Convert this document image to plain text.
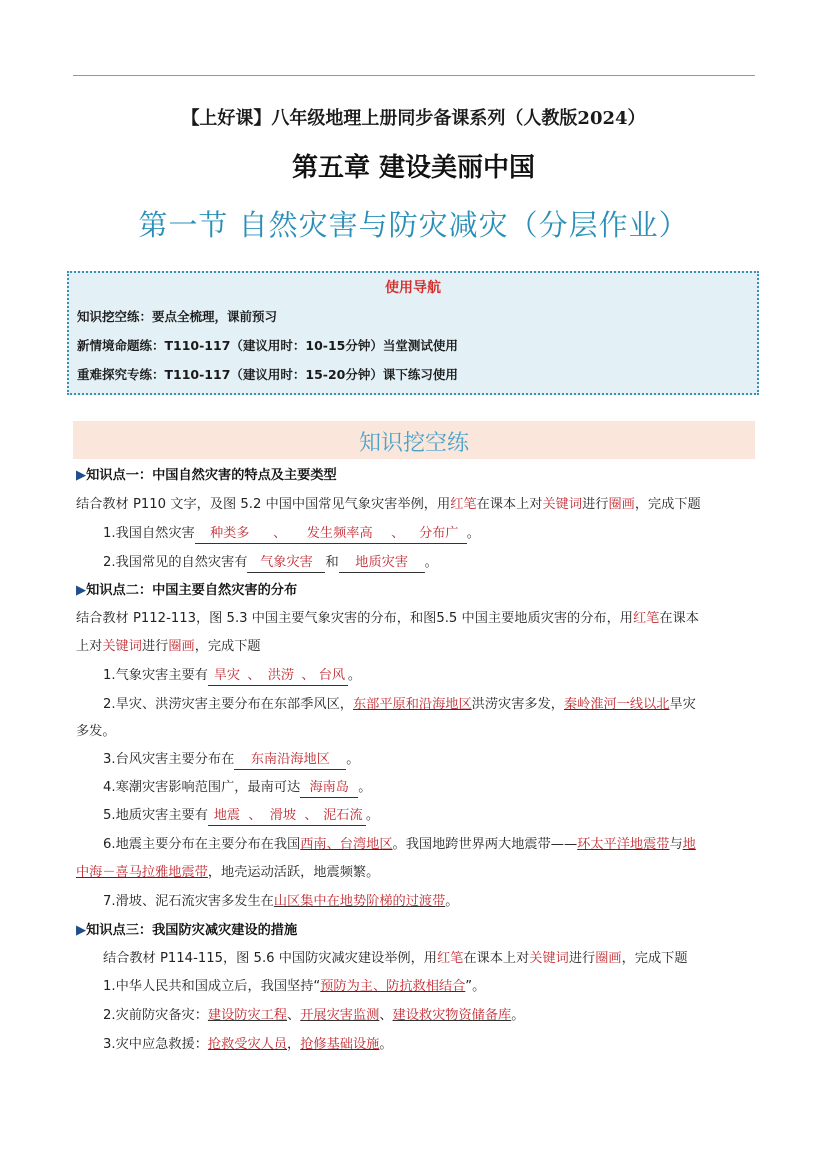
【上好课】八年级地理上册同步备课系列（人教版2024）
第五章 建设美丽中国
第一节 自然灾害与防灾减灾（分层作业）
使用导航
知识挖空练：要点全梳理，课前预习
新情境命题练：T110-117（建议用时：10-15分钟）当堂测试使用
重难探究专练：T110-117（建议用时：15-20分钟）课下练习使用
知识挖空练
▶知识点一：中国自然灾害的特点及主要类型
结合教材 P110 文字，及图 5.2 中国中国常见气象灾害举例，用红笔在课本上对关键词进行圈画，完成下题
1.我国自然灾害 种类多 、 发生频率高 、 分布广 。
2.我国常见的自然灾害有 气象灾害 和 地质灾害 。
▶知识点二：中国主要自然灾害的分布
结合教材 P112-113，图 5.3 中国主要气象灾害的分布，和图5.5 中国主要地质灾害的分布，用红笔在课本
上对关键词进行圈画，完成下题
1.气象灾害主要有 旱灾 、 洪涝 、 台风 。
2.旱灾、洪涝灾害主要分布在东部季风区，东部平原和沿海地区洪涝灾害多发，秦岭淮河一线以北旱灾
多发。
3.台风灾害主要分布在 东南沿海地区 。
4.寒潮灾害影响范围广，最南可达 海南岛 。
5.地质灾害主要有 地震 、 滑坡 、 泥石流 。
6.地震主要分布在主要分布在我国西南、台湾地区。我国地跨世界两大地震带——环太平洋地震带与地
中海－喜马拉雅地震带，地壳运动活跃，地震频繁。
7.滑坡、泥石流灾害多发生在山区集中在地势阶梯的过渡带。
▶知识点三：我国防灾减灾建设的措施
结合教材 P114-115，图 5.6 中国防灾减灾建设举例，用红笔在课本上对关键词进行圈画，完成下题
1.中华人民共和国成立后，我国坚持“预防为主、防抗救相结合”。
2.灾前防灾备灾：建设防灾工程、开展灾害监测、建设救灾物资储备库。
3.灾中应急救援：抢救受灾人员，抢修基础设施。
